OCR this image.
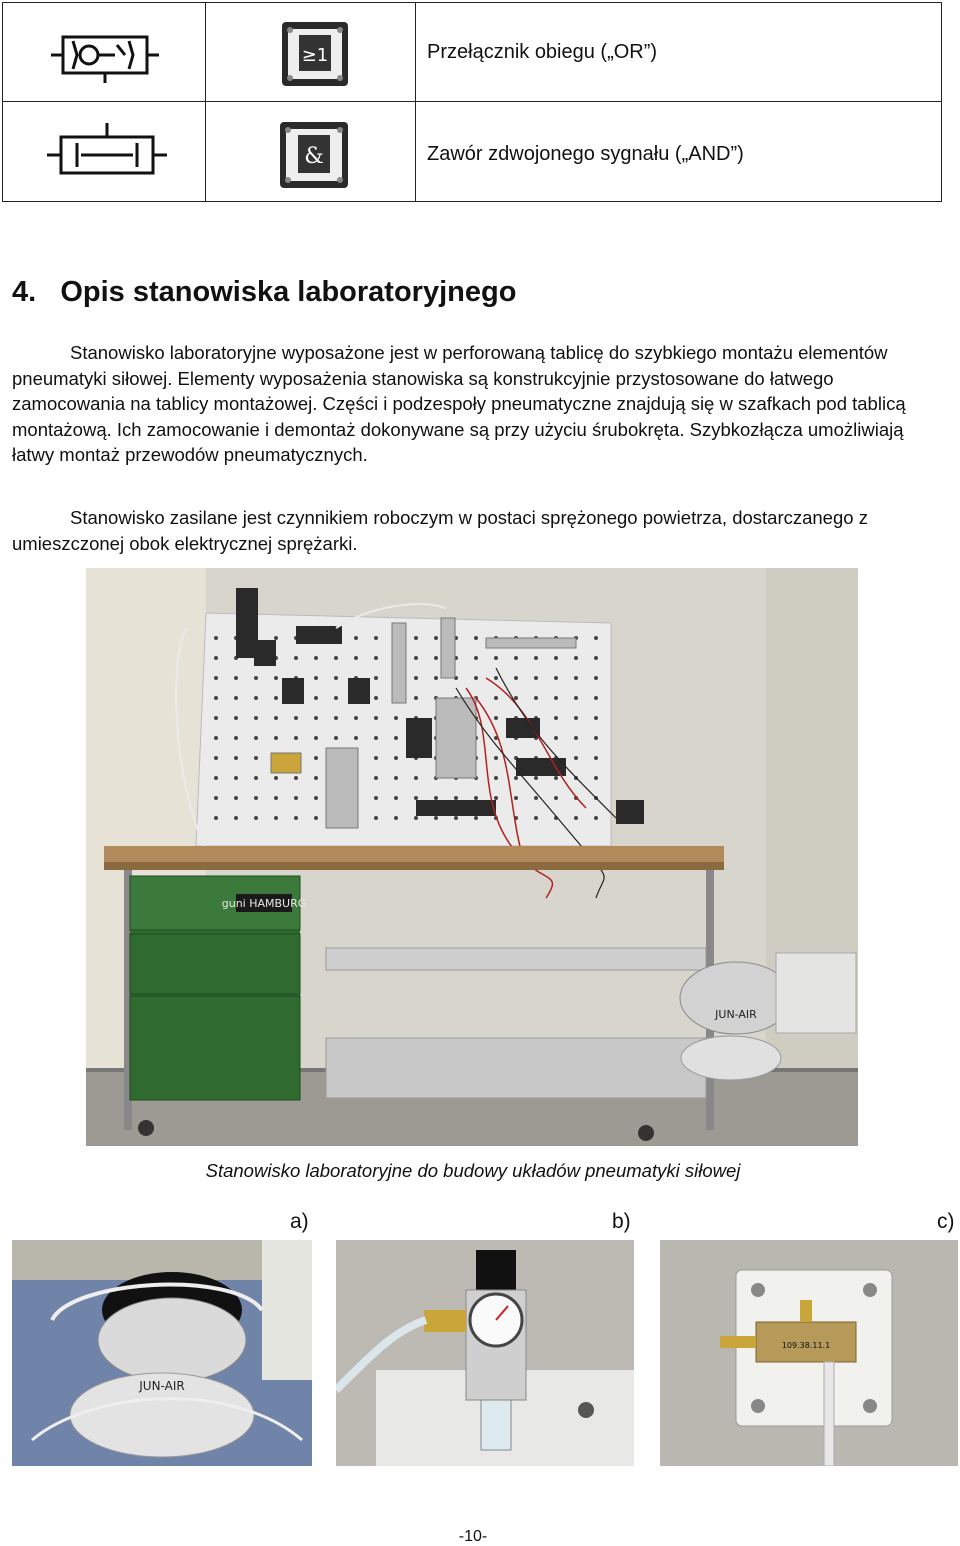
≥1	Przełącznik obiegu („OR”)
&	Zawór zdwojonego sygnału („AND”)
4.   Opis stanowiska laboratoryjnego

Stanowisko laboratoryjne wyposażone jest w perforowaną tablicę do szybkiego montażu elementów pneumatyki siłowej. Elementy wyposażenia stanowiska są konstrukcyjnie przystosowane do łatwego zamocowania na tablicy montażowej. Części i podzespoły pneumatyczne znajdują się w szafkach pod tablicą montażową. Ich zamocowanie i demontaż dokonywane są przy użyciu śrubokręta. Szybkozłącza umożliwiają łatwy montaż przewodów pneumatycznych.

Stanowisko zasilane jest czynnikiem roboczym w postaci sprężonego powietrza, dostarczanego z umieszczonej obok elektrycznej sprężarki.

guni HAMBURG
JUN-AIR
Stanowisko laboratoryjne do budowy układów pneumatyki siłowej
a)	b)	c)
JUN-AIR
109.38.11.1
-10-
